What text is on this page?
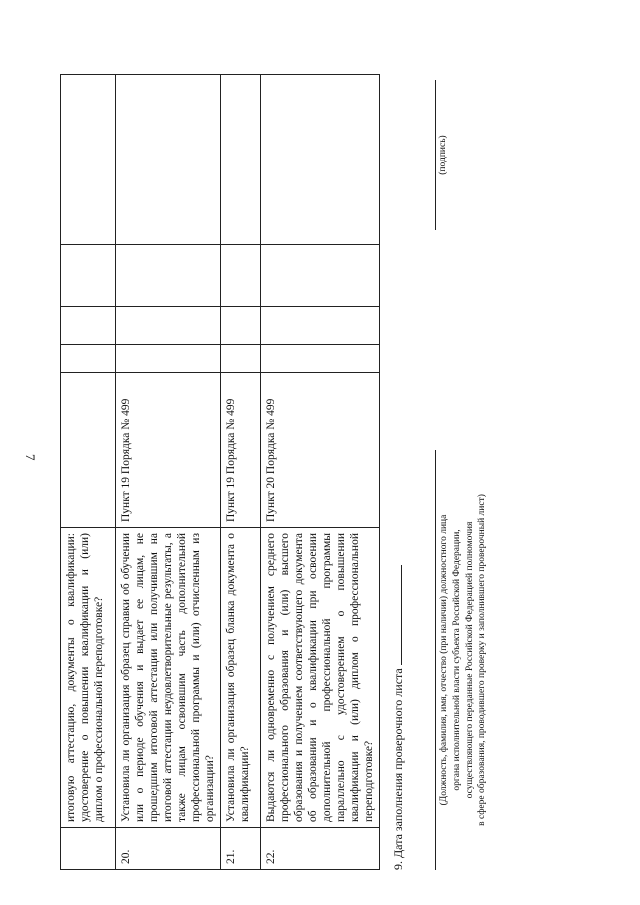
7
	итоговую аттестацию, документы о квалификации: удостоверение о повышении квалификации и (или) диплом о профессиональной переподготовке?					
20.	Установила ли организация образец справки об обучении или о периоде обучения и выдает ее лицам, не прошедшим итоговой аттестации или получившим на итоговой аттестации неудовлетворительные результаты, а также лицам освоившим часть дополнительной профессиональной программы и (или) отчисленным из организации?	Пункт 19 Порядка № 499				
21.	Установила ли организация образец бланка документа о квалификации?	Пункт 19 Порядка № 499				
22.	Выдаются ли одновременно с получением среднего профессионального образования и (или) высшего образования и получением соответствующего документа об образовании и о квалификации при освоении дополнительной профессиональной программы параллельно с удостоверением о повышении квалификации и (или) диплом о профессиональной переподготовке?	Пункт 20 Порядка № 499				
9. Дата заполнения проверочного листа	(Должность, фамилия, имя, отчество (при наличии) должностного лица органа исполнительной власти субъекта Российской Федерации, осуществляющего переданные Российской Федерацией полномочия в сфере образования, проводившего проверку и заполнившего проверочный лист)
(подпись)
